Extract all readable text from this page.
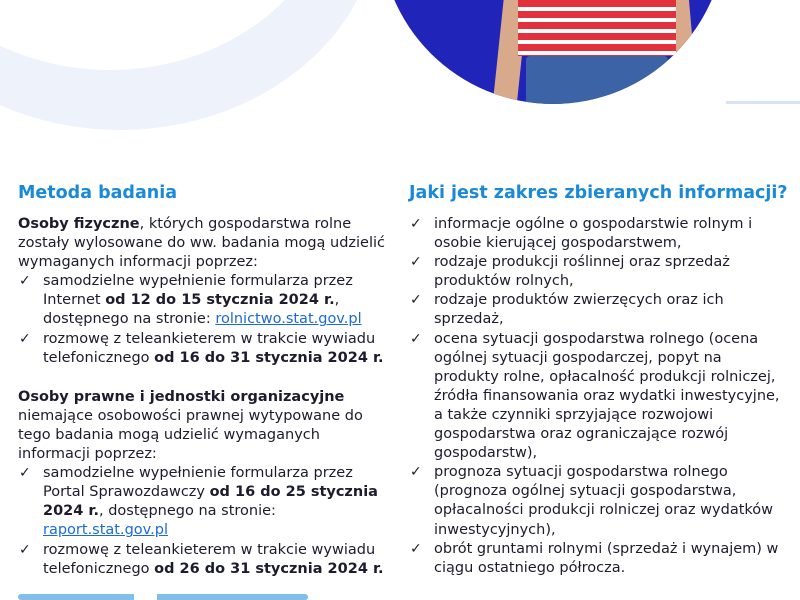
Metoda badania

Osoby fizyczne, których gospodarstwa rolne zostały wylosowane do ww. badania mogą udzielić wymaganych informacji poprzez:

✓ samodzielne wypełnienie formularza przez Internet od 12 do 15 stycznia 2024 r., dostępnego na stronie: rolnictwo.stat.gov.pl
✓ rozmowę z teleankieterem w trakcie wywiadu telefonicznego od 16 do 31 stycznia 2024 r.

Osoby prawne i jednostki organizacyjne niemające osobowości prawnej wytypowane do tego badania mogą udzielić wymaganych informacji poprzez:

✓ samodzielne wypełnienie formularza przez Portal Sprawozdawczy od 16 do 25 stycznia 2024 r., dostępnego na stronie: raport.stat.gov.pl
✓ rozmowę z teleankieterem w trakcie wywiadu telefonicznego od 26 do 31 stycznia 2024 r.
Jaki jest zakres zbieranych informacji?
✓ informacje ogólne o gospodarstwie rolnym i osobie kierującej gospodarstwem,
✓ rodzaje produkcji roślinnej oraz sprzedaż produktów rolnych,
✓ rodzaje produktów zwierzęcych oraz ich sprzedaż,
✓ ocena sytuacji gospodarstwa rolnego (ocena ogólnej sytuacji gospodarczej, popyt na produkty rolne, opłacalność produkcji rolniczej, źródła finansowania oraz wydatki inwestycyjne, a także czynniki sprzyjające rozwojowi gospodarstwa oraz ograniczające rozwój gospodarstw),
✓ prognoza sytuacji gospodarstwa rolnego (prognoza ogólnej sytuacji gospodarstwa, opłacalności produkcji rolniczej oraz wydatków inwestycyjnych),
✓ obrót gruntami rolnymi (sprzedaż i wynajem) w ciągu ostatniego półrocza.
